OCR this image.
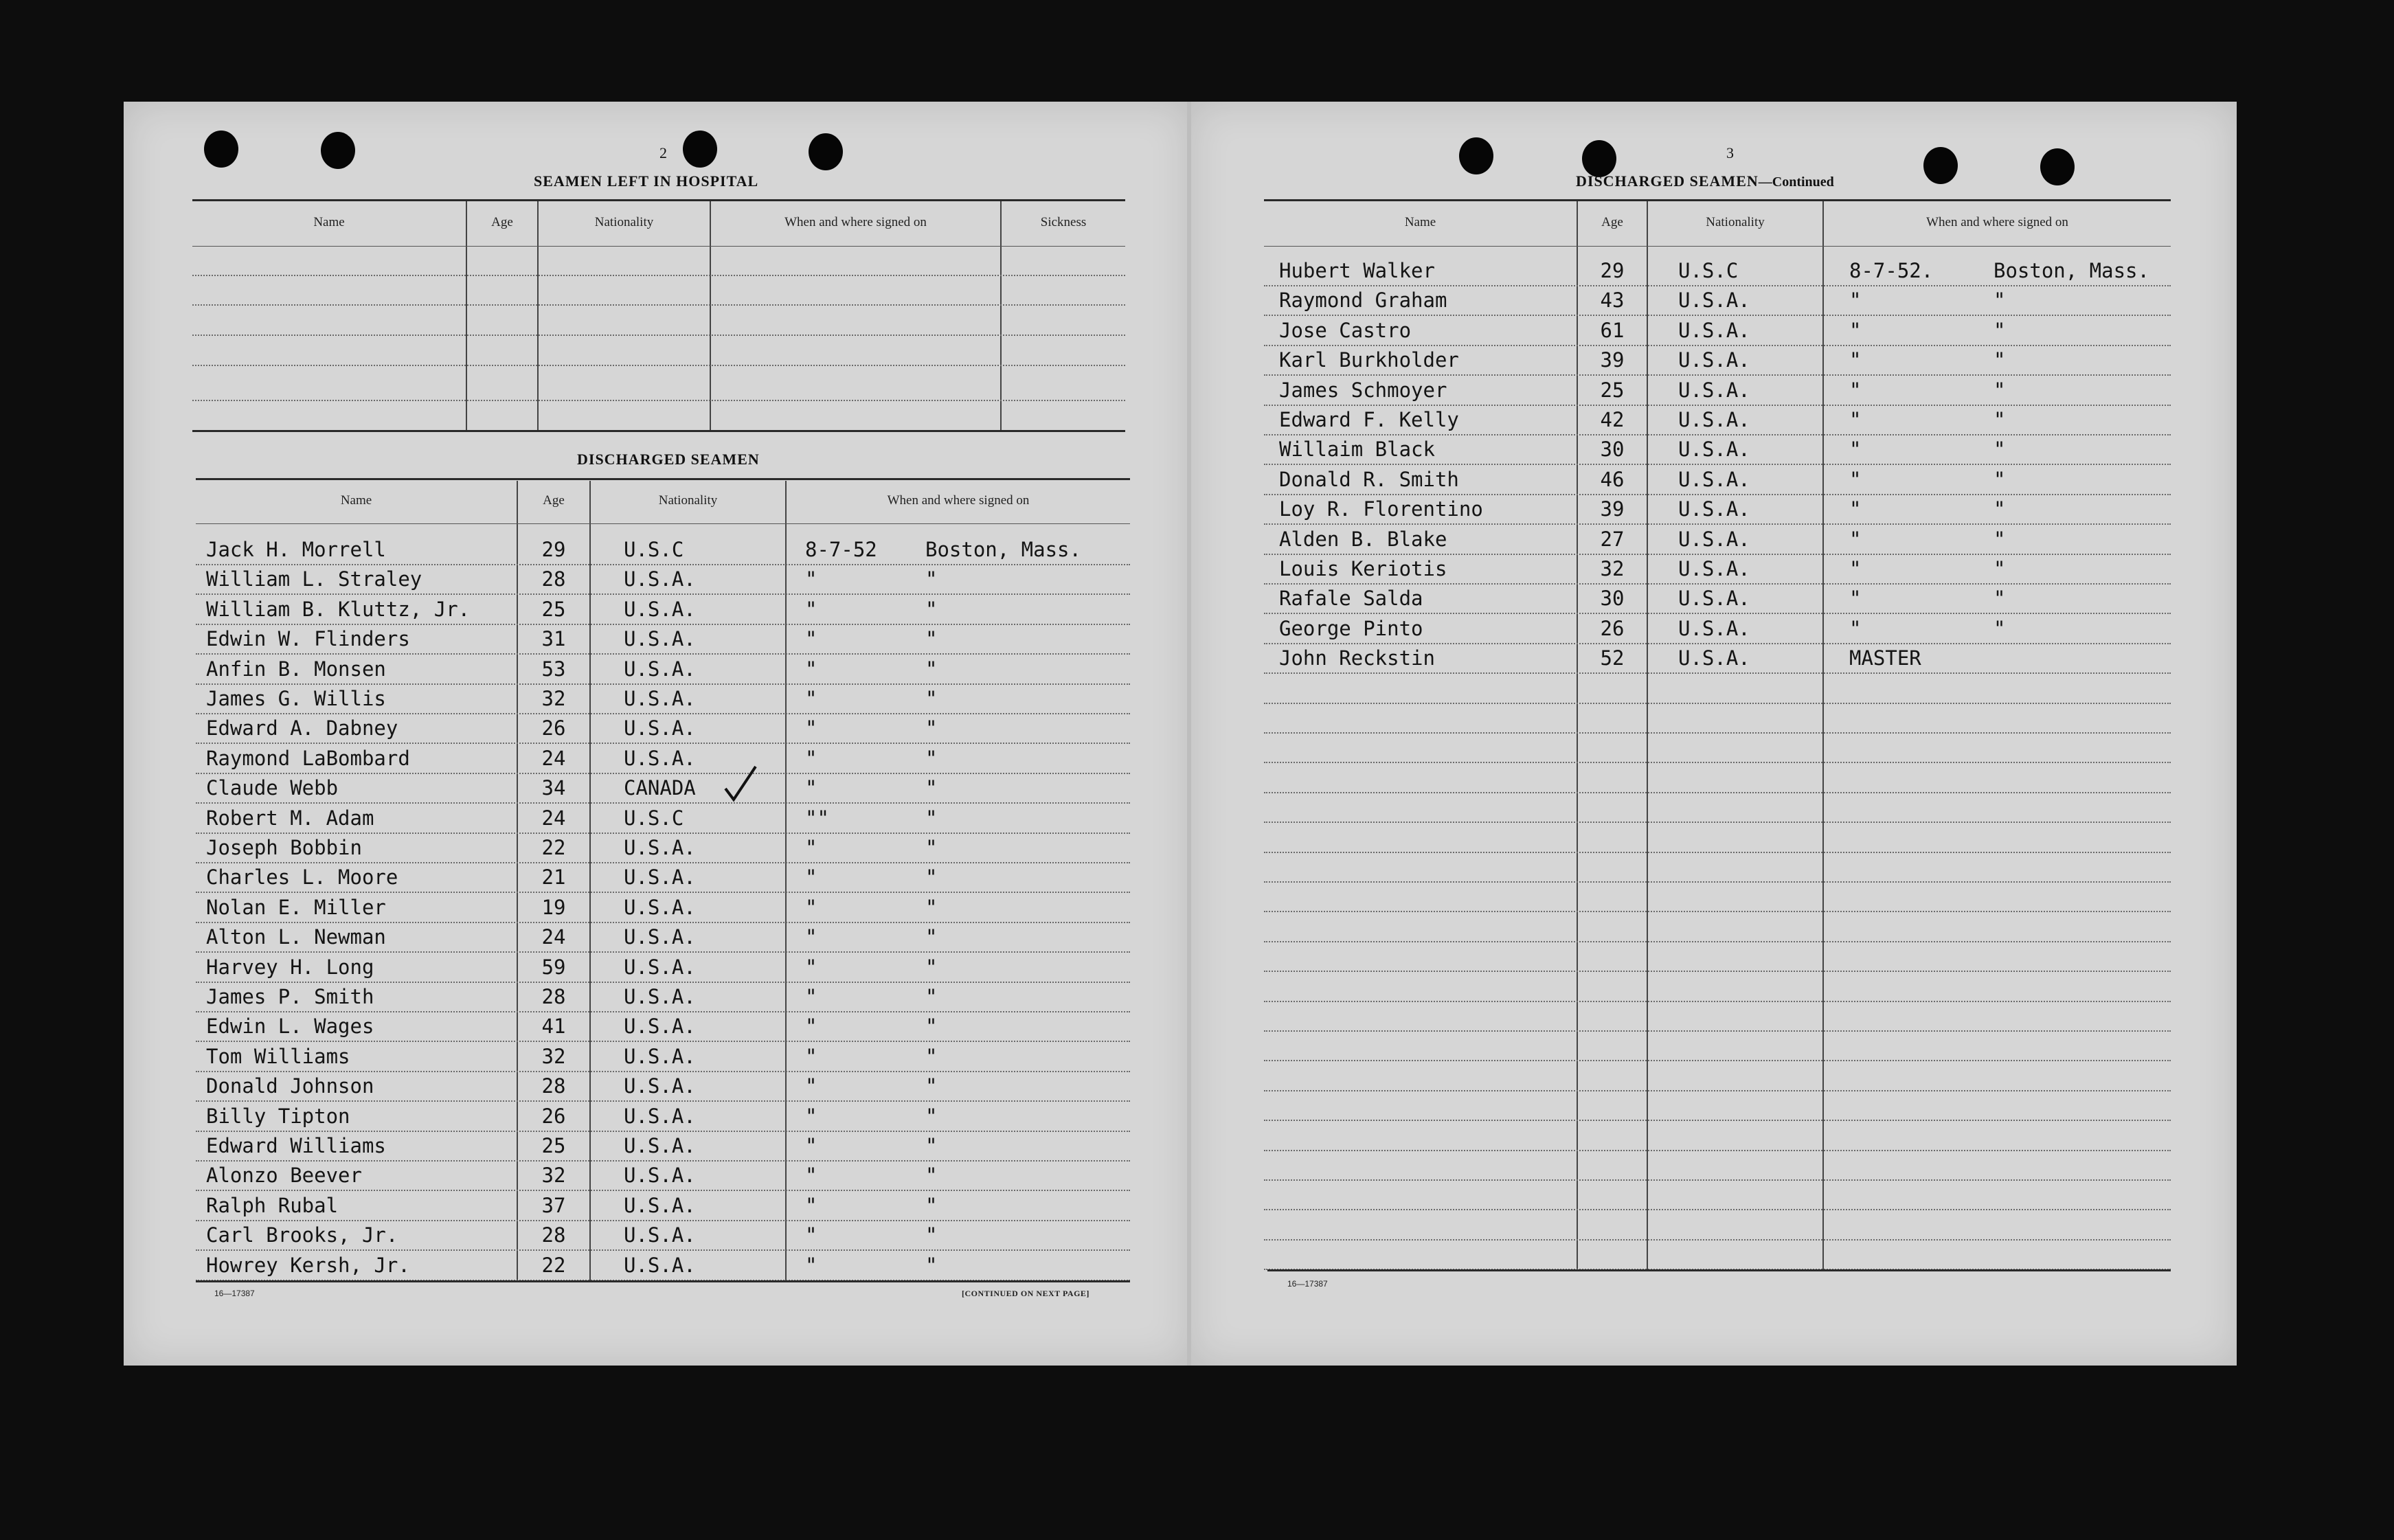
2
SEAMEN LEFT IN HOSPITAL
Name	Age	Nationality	When and where signed on	Sickness
DISCHARGED SEAMEN
Name	Age	Nationality	When and where signed on
Jack H. Morrell	29	U.S.C	8-7-52 Boston, Mass.
William L. Straley	28	U.S.A.	"	"
William B. Kluttz, Jr.	25	U.S.A.	"	"
Edwin W. Flinders	31	U.S.A.	"	"
Anfin B. Monsen	53	U.S.A.	"	"
James G. Willis	32	U.S.A.	"	"
Edward A. Dabney	26	U.S.A.	"	"
Raymond LaBombard	24	U.S.A.	"	"
Claude Webb	34	CANADA	"	"
Robert M. Adam	24	U.S.C	""	"
Joseph Bobbin	22	U.S.A.	"	"
Charles L. Moore	21	U.S.A.	"	"
Nolan E. Miller	19	U.S.A.	"	"
Alton L. Newman	24	U.S.A.	"	"
Harvey H. Long	59	U.S.A.	"	"
James P. Smith	28	U.S.A.	"	"
Edwin L. Wages	41	U.S.A.	"	"
Tom Williams	32	U.S.A.	"	"
Donald Johnson	28	U.S.A.	"	"
Billy Tipton	26	U.S.A.	"	"
Edward Williams	25	U.S.A.	"	"
Alonzo Beever	32	U.S.A.	"	"
Ralph Rubal	37	U.S.A.	"	"
Carl Brooks, Jr.	28	U.S.A.	"	"
Howrey Kersh, Jr.	22	U.S.A.	"	"
16—17387	[CONTINUED ON NEXT PAGE]
3
DISCHARGED SEAMEN—Continued
Name	Age	Nationality	When and where signed on
Hubert Walker	29	U.S.C	8-7-52.	Boston, Mass.
Raymond Graham	43	U.S.A.	"	"
Jose Castro	61	U.S.A.	"	"
Karl Burkholder	39	U.S.A.	"	"
James Schmoyer	25	U.S.A.	"	"
Edward F. Kelly	42	U.S.A.	"	"
Willaim Black	30	U.S.A.	"	"
Donald R. Smith	46	U.S.A.	"	"
Loy R. Florentino	39	U.S.A.	"	"
Alden B. Blake	27	U.S.A.	"	"
Louis Keriotis	32	U.S.A.	"	"
Rafale Salda	30	U.S.A.	"	"
George Pinto	26	U.S.A.	"	"
John Reckstin	52	U.S.A.	MASTER
16—17387
